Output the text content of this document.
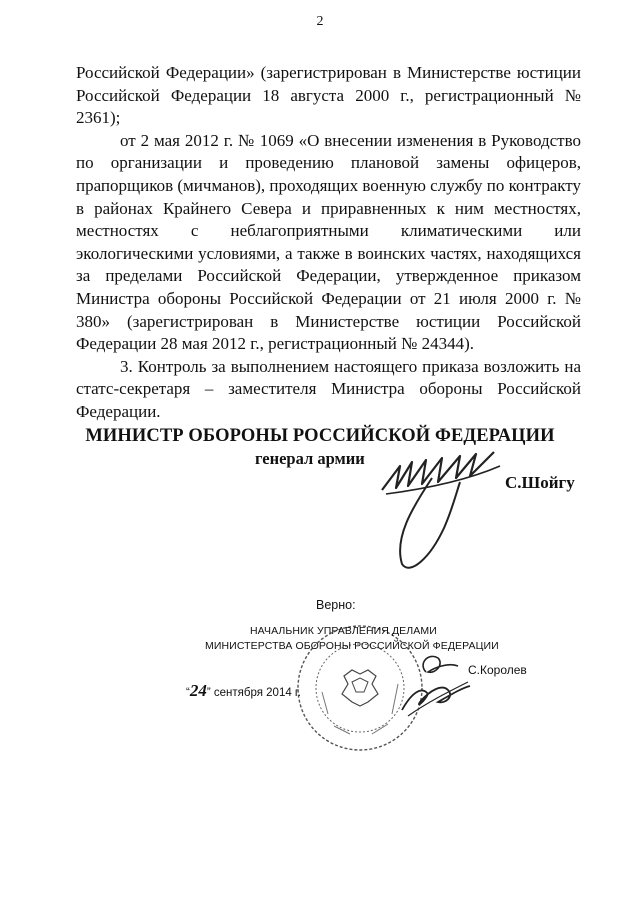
2

Российской Федерации» (зарегистрирован в Министерстве юстиции Российской Федерации 18 августа 2000 г., регистрационный № 2361);

от 2 мая 2012 г. № 1069 «О внесении изменения в Руководство по организации и проведению плановой замены офицеров, прапорщиков (мичманов), проходящих военную службу по контракту в районах Крайнего Севера и приравненных к ним местностях, местностях с неблагоприятными климатическими или экологическими условиями, а также в воинских частях, находящихся за пределами Российской Федерации, утвержденное приказом Министра обороны Российской Федерации от 21 июля 2000 г. № 380» (зарегистрирован в Министерстве юстиции Российской Федерации 28 мая 2012 г., регистрационный № 24344).

3. Контроль за выполнением настоящего приказа возложить на статс-секретаря – заместителя Министра обороны Российской Федерации.

МИНИСТР ОБОРОНЫ РОССИЙСКОЙ ФЕДЕРАЦИИ
генерал армии
С.Шойгу
Верно:
НАЧАЛЬНИК УПРАВЛЕНИЯ ДЕЛАМИ
МИНИСТЕРСТВА ОБОРОНЫ РОССИЙСКОЙ ФЕДЕРАЦИИ
“24” сентября 2014 г.
С.Королев
